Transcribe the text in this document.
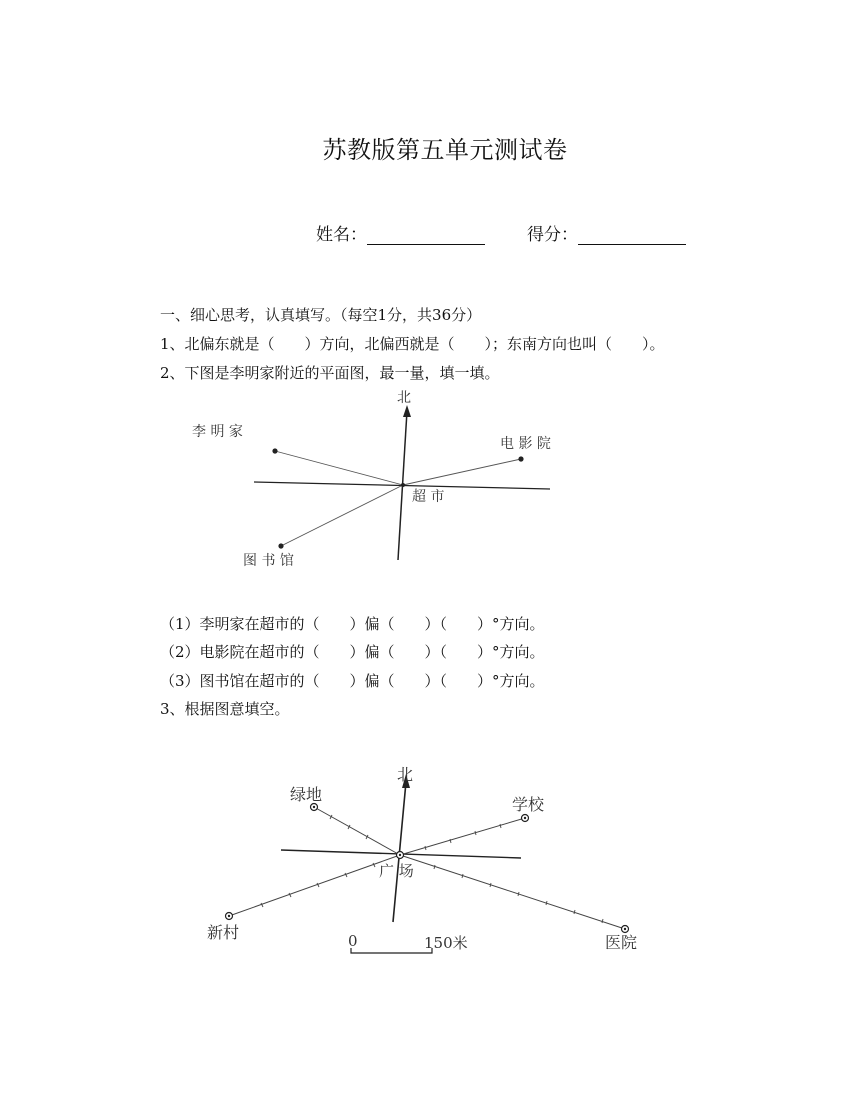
苏教版第五单元测试卷
姓名：	得分：
一、细心思考，认真填写。（每空1分，共36分）
1、北偏东就是（　　）方向，北偏西就是（　　）；东南方向也叫（　　）。
2、下图是李明家附近的平面图，最一量，填一填。
北
超 市
李 明 家
电 影 院
图 书 馆
（1）李明家在超市的（　　）偏（　　）（　　）°方向。
（2）电影院在超市的（　　）偏（　　）（　　）°方向。
（3）图书馆在超市的（　　）偏（　　）（　　）°方向。
3、根据图意填空。
北
广 场
绿地
学校
新村
医院
0	150米
